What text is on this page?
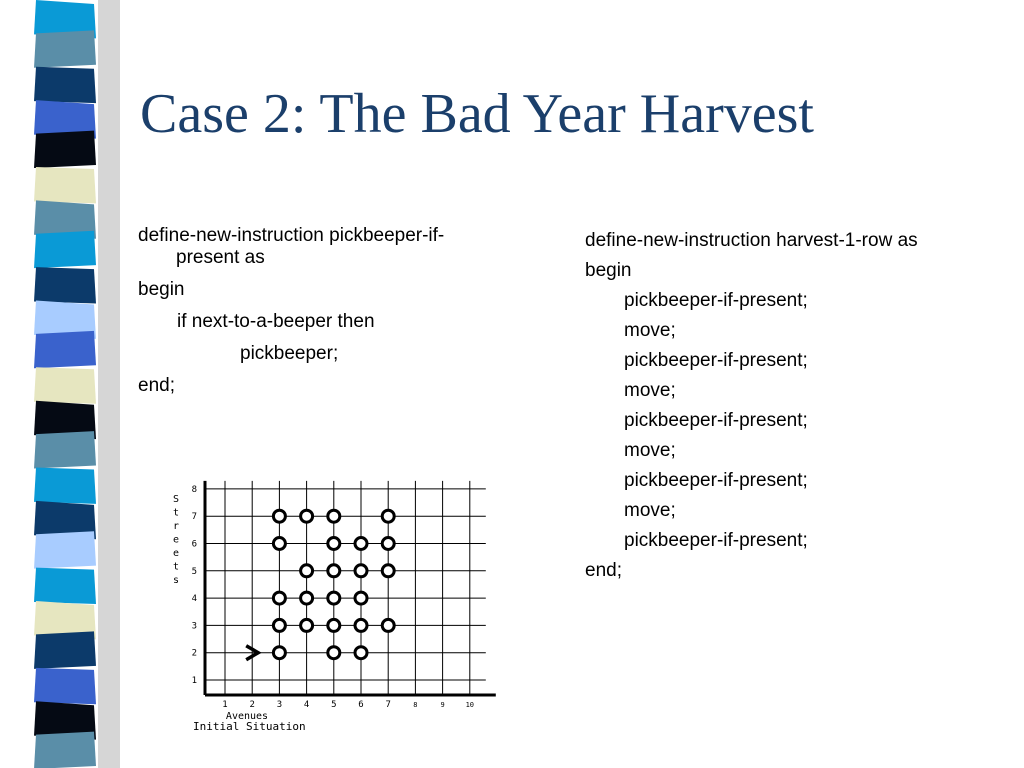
Case 2: The Bad Year Harvest
define-new-instruction pickbeeper-if-
present as
begin
if next-to-a-beeper then
pickbeeper;
end;
define-new-instruction harvest-1-row as
begin
pickbeeper-if-present;
move;
pickbeeper-if-present;
move;
pickbeeper-if-present;
move;
pickbeeper-if-present;
move;
pickbeeper-if-present;
end;
1
2
3
4
5
6
7
8
1 2 3 4 5 6 7	8	9	10
S
t
r
e
e
t
s
Avenues
Initial Situation
